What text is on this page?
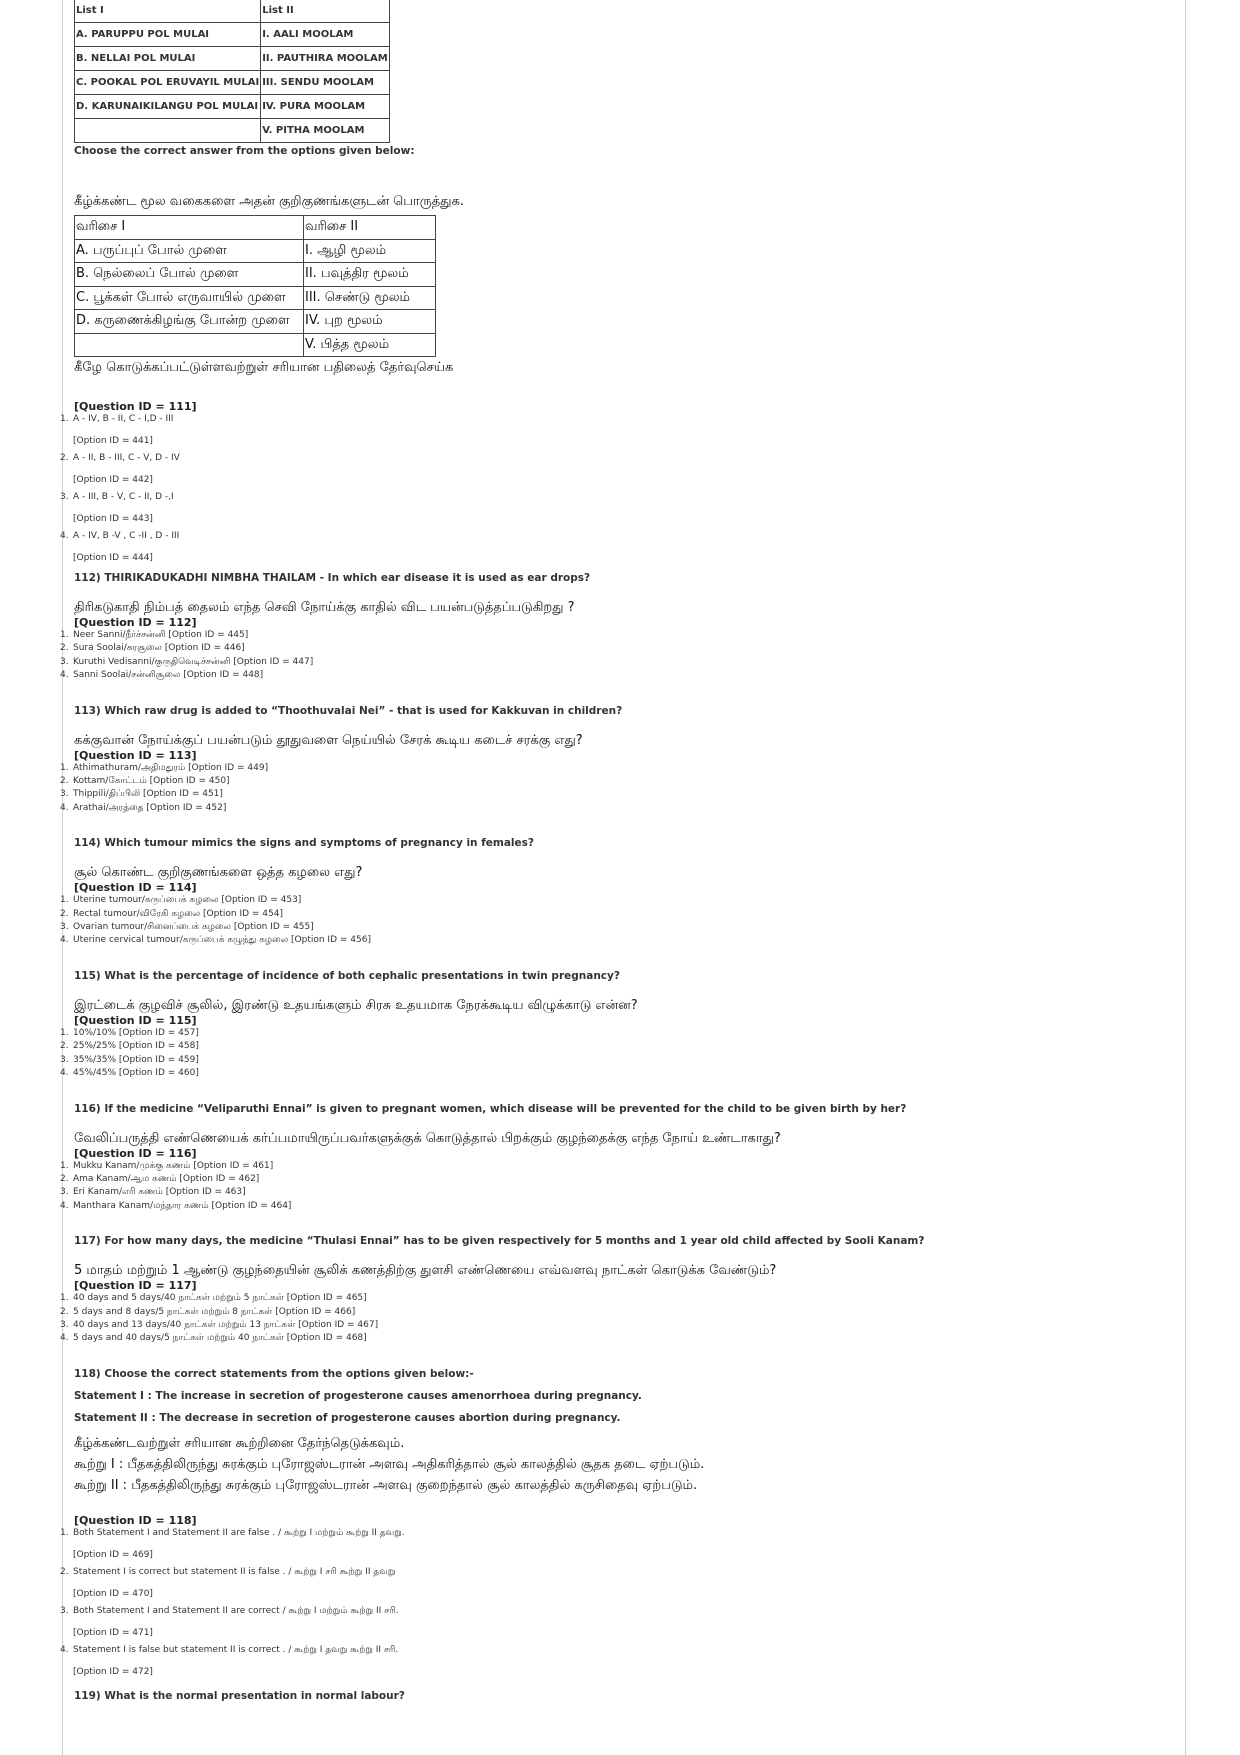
List I	List II
A. PARUPPU POL MULAI	I. AALI MOOLAM
B. NELLAI POL MULAI	II. PAUTHIRA MOOLAM
C. POOKAL POL ERUVAYIL MULAI	III. SENDU MOOLAM
D. KARUNAIKILANGU POL MULAI	IV. PURA MOOLAM
	V. PITHA MOOLAM

Choose the correct answer from the options given below:

கீழ்க்கண்ட மூல வகைகளை அதன் குறிகுணங்களுடன் பொருத்துக.

வரிசை I	வரிசை II
A. பருப்புப் போல் முளை	I. ஆழி மூலம்
B. நெல்லைப் போல் முளை	II. பவுத்திர மூலம்
C. பூக்கள் போல் எருவாயில் முளை	III. செண்டு மூலம்
D. கருணைக்கிழங்கு போன்ற முளை	IV. புற மூலம்
	V. பித்த மூலம்

கீழே கொடுக்கப்பட்டுள்ளவற்றுள் சரியான பதிலைத் தேர்வுசெய்க

[Question ID = 111]

1. A - IV, B - II, C - I,D - III
[Option ID = 441]
2. A - II, B - III, C - V, D - IV
[Option ID = 442]
3. A - III, B - V, C - II, D -,I
[Option ID = 443]
4. A - IV, B -V , C -II , D - III
[Option ID = 444]

112) THIRIKADUKADHI NIMBHA THAILAM - In which ear disease it is used as ear drops?

திரிகடுகாதி நிம்பத் தைலம் எந்த செவி நோய்க்கு காதில் விட பயன்படுத்தப்படுகிறது ?

[Question ID = 112]

1. Neer Sanni/நீர்ச்சன்னி [Option ID = 445]
2. Sura Soolai/சுரசூலை [Option ID = 446]
3. Kuruthi Vedisanni/குருதிவெடிச்சன்னி [Option ID = 447]
4. Sanni Soolai/சன்னிசூலை [Option ID = 448]

113) Which raw drug is added to “Thoothuvalai Nei” - that is used for Kakkuvan in children?

கக்குவான் நோய்க்குப் பயன்படும் தூதுவளை நெய்யில் சேரக் கூடிய கடைச் சரக்கு எது?

[Question ID = 113]

1. Athimathuram/அதிமதுரம் [Option ID = 449]
2. Kottam/கோட்டம் [Option ID = 450]
3. Thippili/திப்பிலி [Option ID = 451]
4. Arathai/அரத்தை [Option ID = 452]

114) Which tumour mimics the signs and symptoms of pregnancy in females?

சூல் கொண்ட குறிகுணங்களை ஒத்த கழலை எது?

[Question ID = 114]

1. Uterine tumour/கருப்பைக் கழலை [Option ID = 453]
2. Rectal tumour/விரேகி கழலை [Option ID = 454]
3. Ovarian tumour/சினைப்பைக் கழலை [Option ID = 455]
4. Uterine cervical tumour/கருப்பைக் கழுந்து கழலை [Option ID = 456]

115) What is the percentage of incidence of both cephalic presentations in twin pregnancy?

இரட்டைக் குழவிச் சூலில், இரண்டு உதயங்களும் சிரசு உதயமாக நேரக்கூடிய விழுக்காடு என்ன?

[Question ID = 115]

1. 10%/10% [Option ID = 457]
2. 25%/25% [Option ID = 458]
3. 35%/35% [Option ID = 459]
4. 45%/45% [Option ID = 460]

116) If the medicine “Veliparuthi Ennai” is given to pregnant women, which disease will be prevented for the child to be given birth by her?

வேலிப்பருத்தி எண்ணெயைக் கர்ப்பமாயிருப்பவர்களுக்குக் கொடுத்தால் பிறக்கும் குழந்தைக்கு எந்த நோய் உண்டாகாது?

[Question ID = 116]

1. Mukku Kanam/முக்கு கணம் [Option ID = 461]
2. Ama Kanam/ஆம கணம் [Option ID = 462]
3. Eri Kanam/எரி கணம் [Option ID = 463]
4. Manthara Kanam/மந்தார கணம் [Option ID = 464]

117) For how many days, the medicine “Thulasi Ennai” has to be given respectively for 5 months and 1 year old child affected by Sooli Kanam?

5 மாதம் மற்றும் 1 ஆண்டு குழந்தையின் சூலிக் கணத்திற்கு துளசி எண்ணெயை எவ்வளவு நாட்கள் கொடுக்க வேண்டும்?

[Question ID = 117]

1. 40 days and 5 days/40 நாட்கள் மற்றும் 5 நாட்கள் [Option ID = 465]
2. 5 days and 8 days/5 நாட்கள் மற்றும் 8 நாட்கள் [Option ID = 466]
3. 40 days and 13 days/40 நாட்கள் மற்றும் 13 நாட்கள் [Option ID = 467]
4. 5 days and 40 days/5 நாட்கள் மற்றும் 40 நாட்கள் [Option ID = 468]

118) Choose the correct statements from the options given below:-

Statement I : The increase in secretion of progesterone causes amenorrhoea during pregnancy.

Statement II : The decrease in secretion of progesterone causes abortion during pregnancy.

கீழ்க்கண்டவற்றுள் சரியான கூற்றினை தேர்ந்தெடுக்கவும்.

கூற்று I : பீதகத்திலிருந்து சுரக்கும் புரோஜஸ்டரான் அளவு அதிகரித்தால் சூல் காலத்தில் சூதக தடை ஏற்படும்.

கூற்று II : பீதகத்திலிருந்து சுரக்கும் புரோஜஸ்டரான் அளவு குறைந்தால் சூல் காலத்தில் கருசிதைவு ஏற்படும்.

[Question ID = 118]

1. Both Statement I and Statement II are false . / கூற்று I மற்றும் கூற்று II தவறு.
[Option ID = 469]
2. Statement I is correct but statement II is false . / கூற்று I சரி கூற்று II தவறு
[Option ID = 470]
3. Both Statement I and Statement II are correct / கூற்று I மற்றும் கூற்று II சரி.
[Option ID = 471]
4. Statement I is false but statement II is correct . / கூற்று I தவறு கூற்று II சரி.
[Option ID = 472]

119) What is the normal presentation in normal labour?
